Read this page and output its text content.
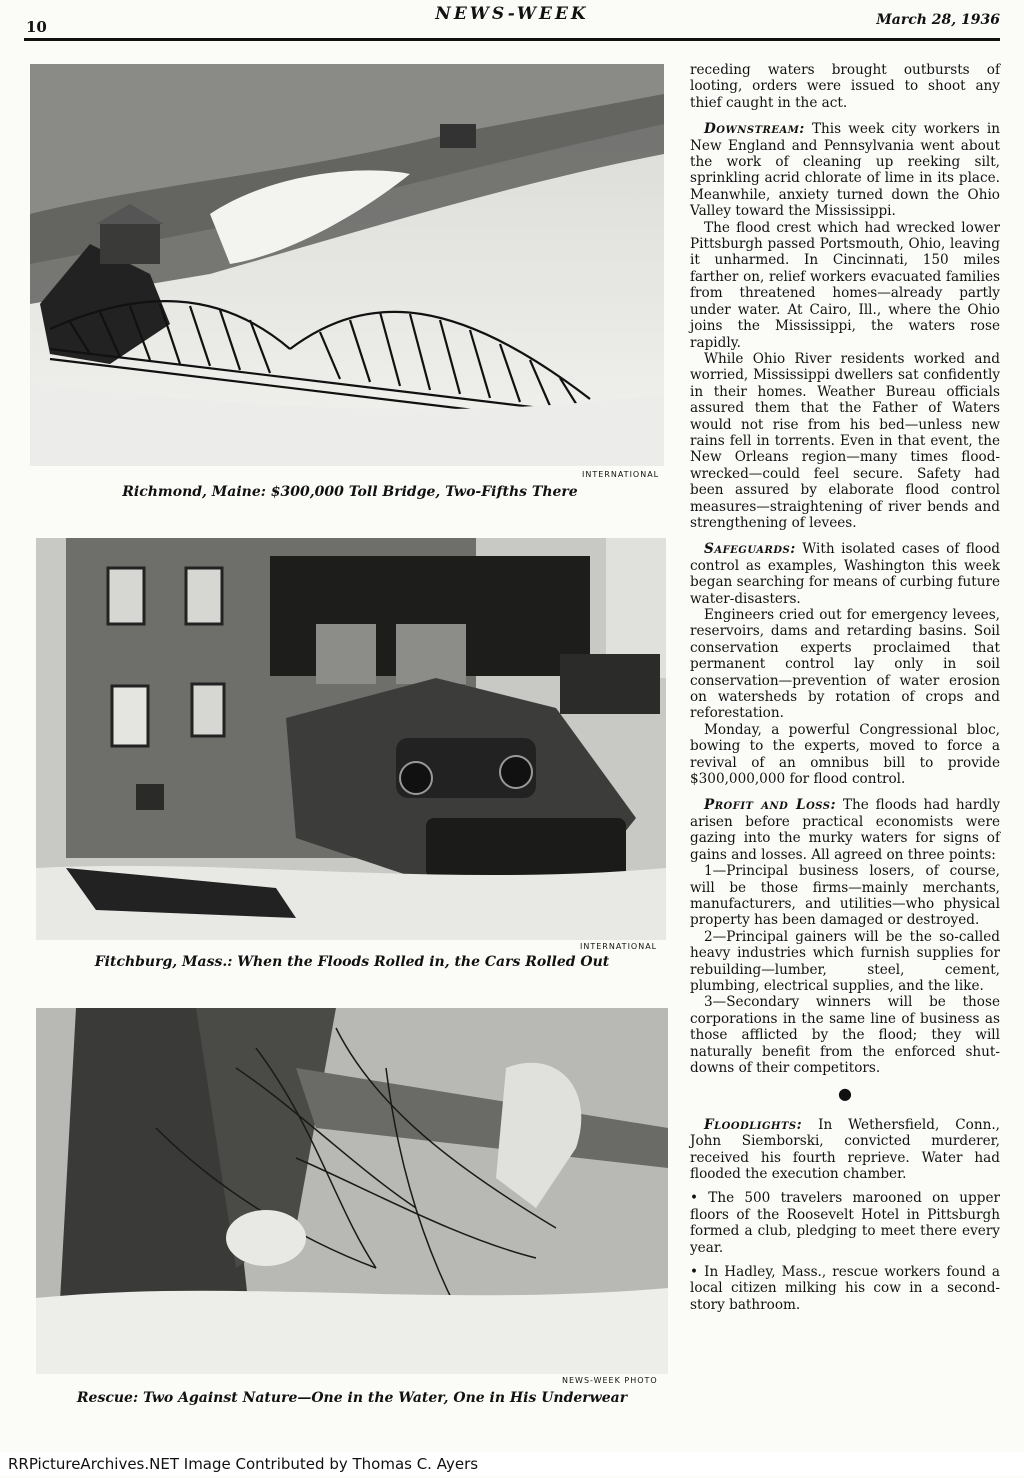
10
NEWS-WEEK	March 28, 1936
INTERNATIONAL
Richmond, Maine: $300,000 Toll Bridge, Two-Fifths There
INTERNATIONAL
Fitchburg, Mass.: When the Floods Rolled in, the Cars Rolled Out
NEWS-WEEK PHOTO
Rescue: Two Against Nature—One in the Water, One in His Underwear

receding waters brought outbursts of looting, orders were issued to shoot any thief caught in the act.

Downstream: This week city workers in New England and Pennsylvania went about the work of cleaning up reeking silt, sprinkling acrid chlorate of lime in its place. Meanwhile, anxiety turned down the Ohio Valley toward the Mississippi.

The flood crest which had wrecked lower Pittsburgh passed Portsmouth, Ohio, leaving it unharmed. In Cincinnati, 150 miles farther on, relief workers evacuated families from threatened homes—already partly under water. At Cairo, Ill., where the Ohio joins the Mississippi, the waters rose rapidly.

While Ohio River residents worked and worried, Mississippi dwellers sat confidently in their homes. Weather Bureau officials assured them that the Father of Waters would not rise from his bed—unless new rains fell in torrents. Even in that event, the New Orleans region—many times flood-wrecked—could feel secure. Safety had been assured by elaborate flood control measures—straightening of river bends and strengthening of levees.

Safeguards: With isolated cases of flood control as examples, Washington this week began searching for means of curbing future water-disasters.

Engineers cried out for emergency levees, reservoirs, dams and retarding basins. Soil conservation experts proclaimed that permanent control lay only in soil conservation—prevention of water erosion on watersheds by rotation of crops and reforestation.

Monday, a powerful Congressional bloc, bowing to the experts, moved to force a revival of an omnibus bill to provide $300,000,000 for flood control.

Profit and Loss: The floods had hardly arisen before practical economists were gazing into the murky waters for signs of gains and losses. All agreed on three points:

1—Principal business losers, of course, will be those firms—mainly merchants, manufacturers, and utilities—who physical property has been damaged or destroyed.

2—Principal gainers will be the so-called heavy industries which furnish supplies for rebuilding—lumber, steel, cement, plumbing, electrical supplies, and the like.

3—Secondary winners will be those corporations in the same line of business as those afflicted by the flood; they will naturally benefit from the enforced shut-downs of their competitors.

●

Floodlights: In Wethersfield, Conn., John Siemborski, convicted murderer, received his fourth reprieve. Water had flooded the execution chamber.

• The 500 travelers marooned on upper floors of the Roosevelt Hotel in Pittsburgh formed a club, pledging to meet there every year.

• In Hadley, Mass., rescue workers found a local citizen milking his cow in a second-story bathroom.

RRPictureArchives.NET Image Contributed by Thomas C. Ayers
